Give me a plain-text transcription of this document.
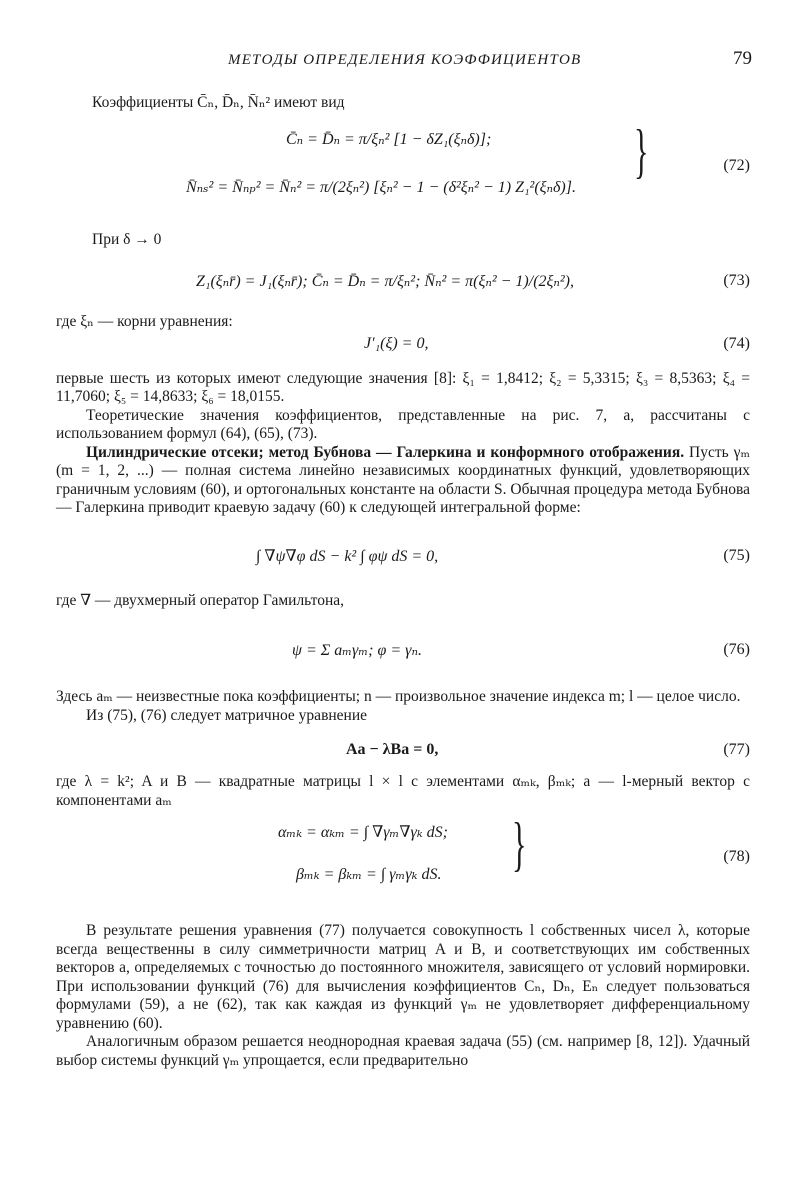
МЕТОДЫ ОПРЕДЕЛЕНИЯ КОЭФФИЦИЕНТОВ	79

Коэффициенты C̄ₙ, D̄ₙ, N̄ₙ² имеют вид

C̄ₙ = D̄ₙ = π/ξₙ² [1 − δZ₁(ξₙδ)];
N̄ₙₛ² = N̄ₙₚ² = N̄ₙ² = π/(2ξₙ²) [ξₙ² − 1 − (δ²ξₙ² − 1) Z₁²(ξₙδ)].
}	(72)

При δ → 0

Z₁(ξₙr̄) = J₁(ξₙr̄); C̄ₙ = D̄ₙ = π/ξₙ²; N̄ₙ² = π(ξₙ² − 1)/(2ξₙ²),	(73)

где ξₙ — корни уравнения:

J′₁(ξ) = 0,	(74)

первые шесть из которых имеют следующие значения [8]: ξ₁ = 1,8412; ξ₂ = 5,3315; ξ₃ = 8,5363; ξ₄ = 11,7060; ξ₅ = 14,8633; ξ₆ = 18,0155.

Теоретические значения коэффициентов, представленные на рис. 7, а, рассчитаны с использованием формул (64), (65), (73).

Цилиндрические отсеки; метод Бубнова — Галеркина и конформного отображения. Пусть γₘ (m = 1, 2, ...) — полная система линейно независимых координатных функций, удовлетворяющих граничным условиям (60), и ортогональных константе на области S. Обычная процедура метода Бубнова — Галеркина приводит краевую задачу (60) к следующей интегральной форме:

∫ ∇ψ∇φ dS − k² ∫ φψ dS = 0,	(75)

где ∇ — двухмерный оператор Гамильтона,

ψ = Σ aₘγₘ; φ = γₙ.	(76)

Здесь aₘ — неизвестные пока коэффициенты; n — произвольное значение индекса m; l — целое число.

Из (75), (76) следует матричное уравнение

Aa − λBa = 0,	(77)

где λ = k²; A и B — квадратные матрицы l × l с элементами αₘₖ, βₘₖ; a — l-мерный вектор с компонентами aₘ

αₘₖ = αₖₘ = ∫ ∇γₘ∇γₖ dS;
βₘₖ = βₖₘ = ∫ γₘγₖ dS. }	(78)

В результате решения уравнения (77) получается совокупность l собственных чисел λ, которые всегда вещественны в силу симметричности матриц A и B, и соответствующих им собственных векторов a, определяемых с точностью до постоянного множителя, зависящего от условий нормировки. При использовании функций (76) для вычисления коэффициентов Cₙ, Dₙ, Eₙ следует пользоваться формулами (59), а не (62), так как каждая из функций γₘ не удовлетворяет дифференциальному уравнению (60).

Аналогичным образом решается неоднородная краевая задача (55) (см. например [8, 12]). Удачный выбор системы функций γₘ упрощается, если предварительно
